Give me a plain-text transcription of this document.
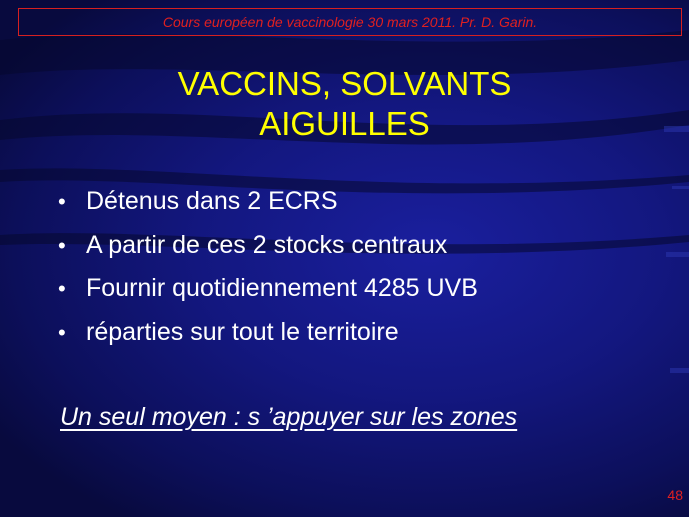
Cours européen de vaccinologie 30 mars 2011. Pr. D. Garin.
VACCINS, SOLVANTS
AIGUILLES
• Détenus dans 2 ECRS
• A partir de ces 2 stocks centraux
• Fournir quotidiennement 4285 UVB
• réparties sur tout le territoire
Un seul moyen : s ’appuyer sur les zones
48
